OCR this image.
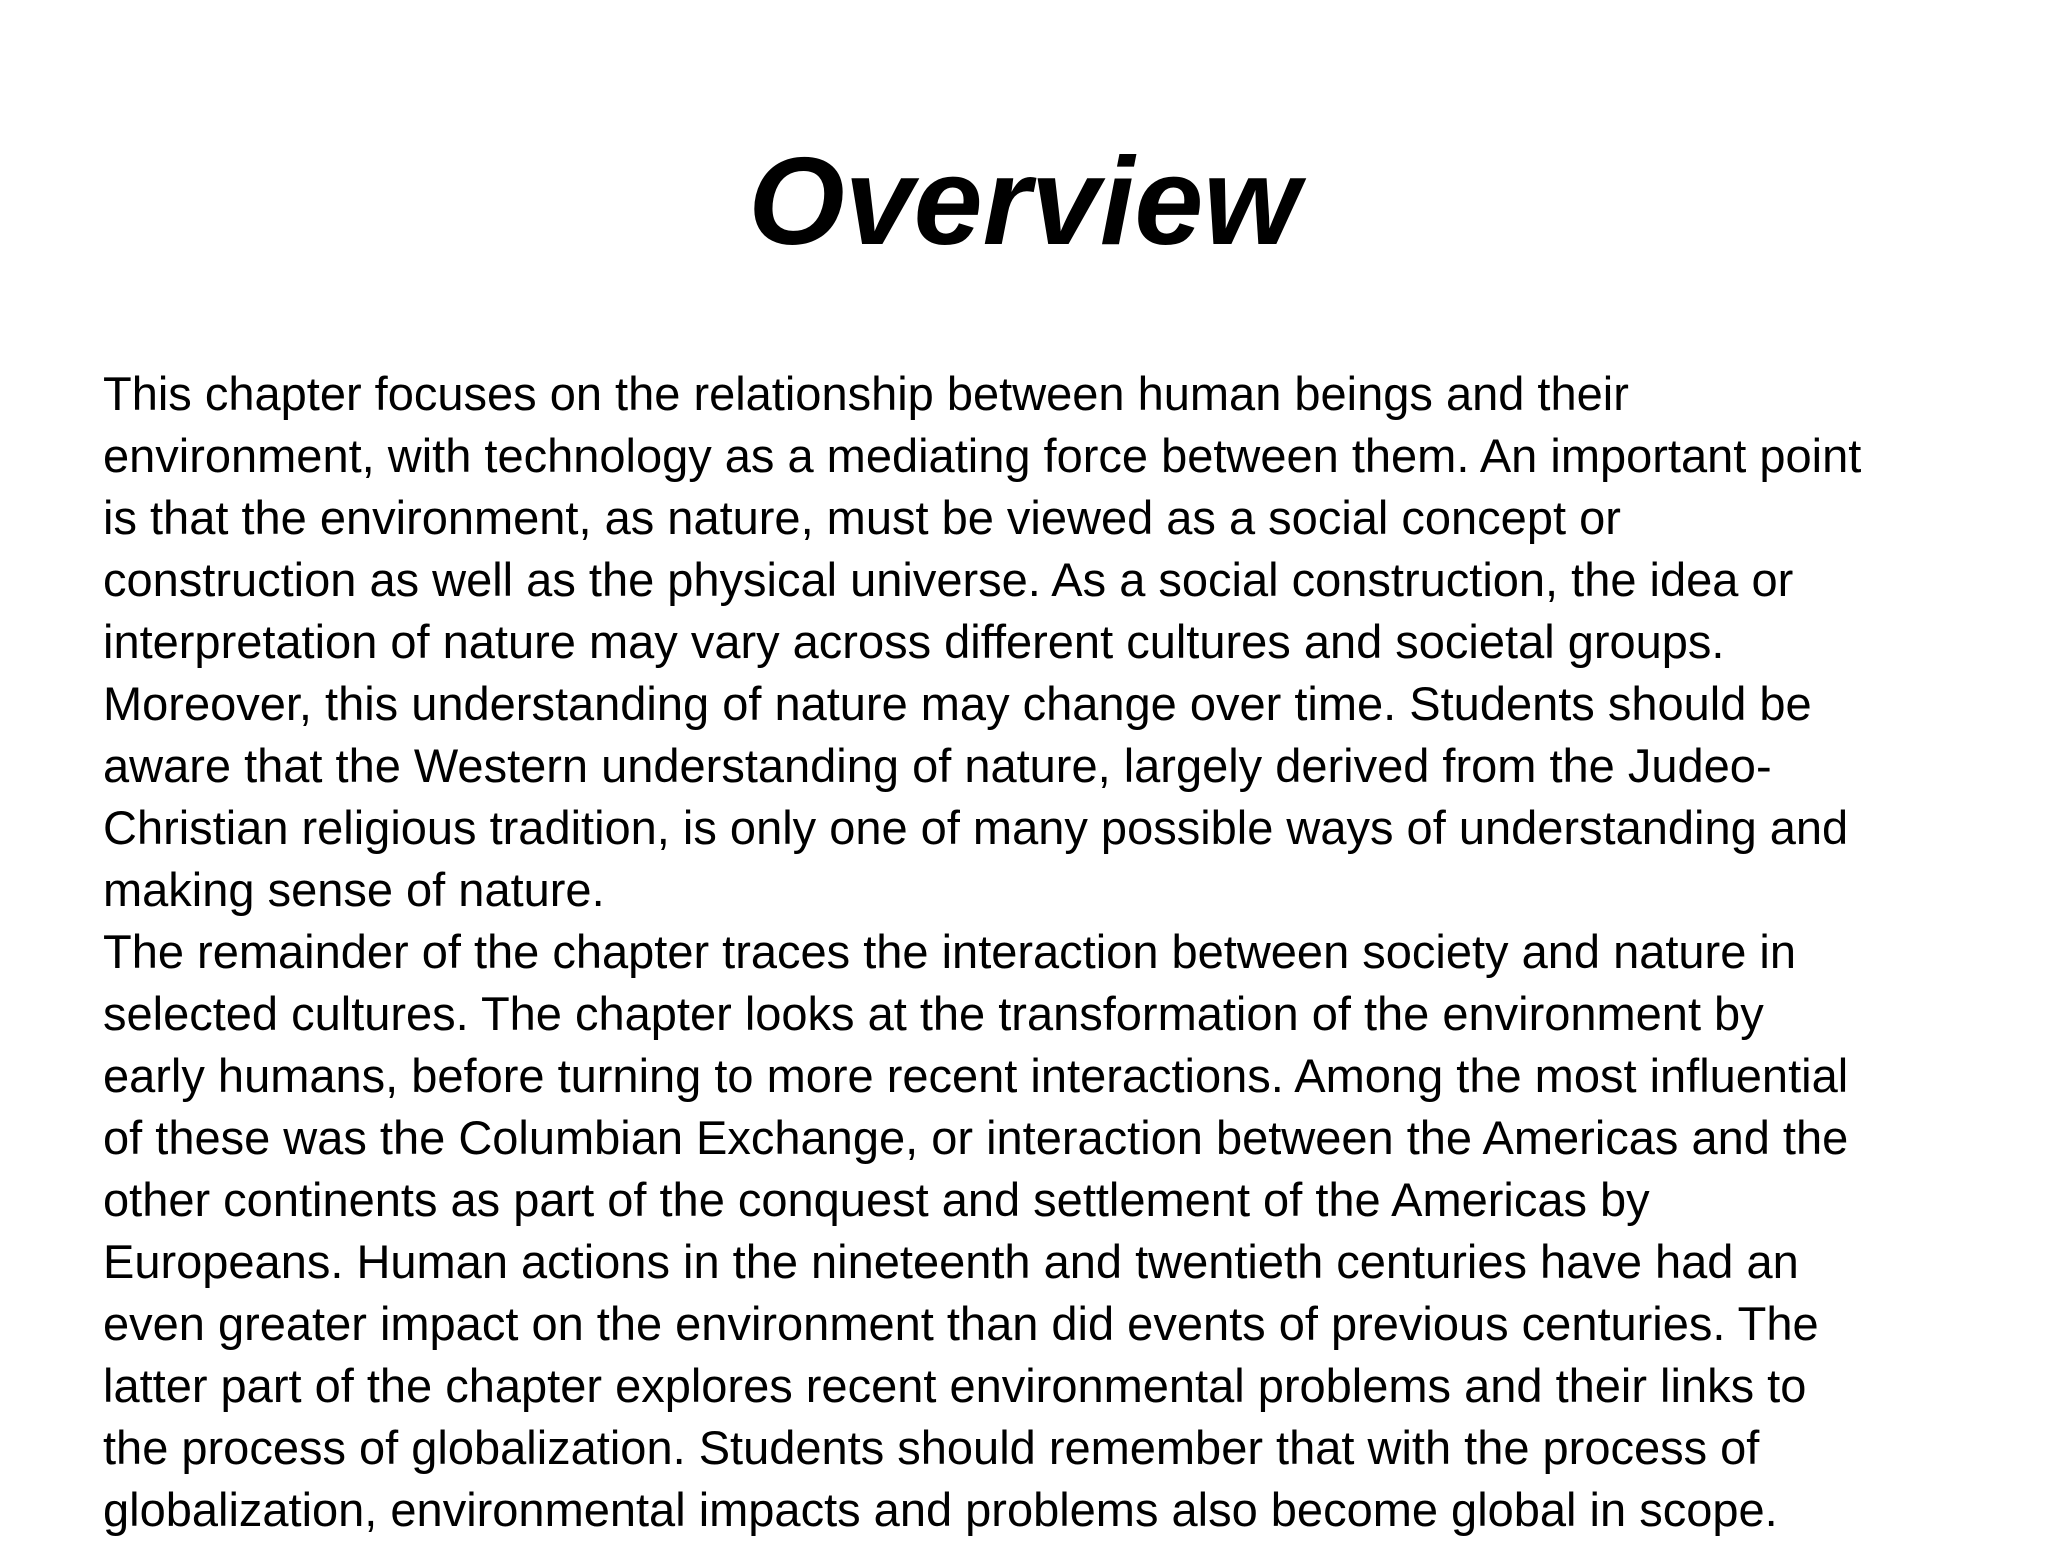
Overview
This chapter focuses on the relationship between human beings and their
environment, with technology as a mediating force between them. An important point
is that the environment, as nature, must be viewed as a social concept or
construction as well as the physical universe. As a social construction, the idea or
interpretation of nature may vary across different cultures and societal groups.
Moreover, this understanding of nature may change over time. Students should be
aware that the Western understanding of nature, largely derived from the Judeo-
Christian religious tradition, is only one of many possible ways of understanding and
making sense of nature.
The remainder of the chapter traces the interaction between society and nature in
selected cultures. The chapter looks at the transformation of the environment by
early humans, before turning to more recent interactions. Among the most influential
of these was the Columbian Exchange, or interaction between the Americas and the
other continents as part of the conquest and settlement of the Americas by
Europeans. Human actions in the nineteenth and twentieth centuries have had an
even greater impact on the environment than did events of previous centuries. The
latter part of the chapter explores recent environmental problems and their links to
the process of globalization. Students should remember that with the process of
globalization, environmental impacts and problems also become global in scope.
